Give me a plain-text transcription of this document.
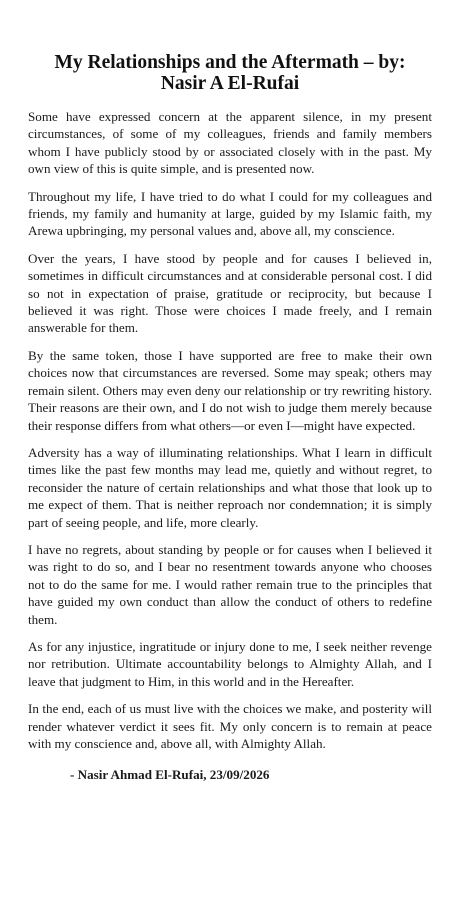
My Relationships and the Aftermath – by:
Nasir A El-Rufai

Some have expressed concern at the apparent silence, in my present circumstances, of some of my colleagues, friends and family members whom I have publicly stood by or associated closely with in the past. My own view of this is quite simple, and is presented now.

Throughout my life, I have tried to do what I could for my colleagues and friends, my family and humanity at large, guided by my Islamic faith, my Arewa upbringing, my personal values and, above all, my conscience.

Over the years, I have stood by people and for causes I believed in, sometimes in difficult circumstances and at considerable personal cost. I did so not in expectation of praise, gratitude or reciprocity, but because I believed it was right. Those were choices I made freely, and I remain answerable for them.

By the same token, those I have supported are free to make their own choices now that circumstances are reversed. Some may speak; others may remain silent. Others may even deny our relationship or try rewriting history. Their reasons are their own, and I do not wish to judge them merely because their response differs from what others—or even I—might have expected.

Adversity has a way of illuminating relationships. What I learn in difficult times like the past few months may lead me, quietly and without regret, to reconsider the nature of certain relationships and what those that look up to me expect of them. That is neither reproach nor condemnation; it is simply part of seeing people, and life, more clearly.

I have no regrets, about standing by people or for causes when I believed it was right to do so, and I bear no resentment towards anyone who chooses not to do the same for me. I would rather remain true to the principles that have guided my own conduct than allow the conduct of others to redefine them.

As for any injustice, ingratitude or injury done to me, I seek neither revenge nor retribution. Ultimate accountability belongs to Almighty Allah, and I leave that judgment to Him, in this world and in the Hereafter.

In the end, each of us must live with the choices we make, and posterity will render whatever verdict it sees fit. My only concern is to remain at peace with my conscience and, above all, with Almighty Allah.

- Nasir Ahmad El-Rufai, 23/09/2026
